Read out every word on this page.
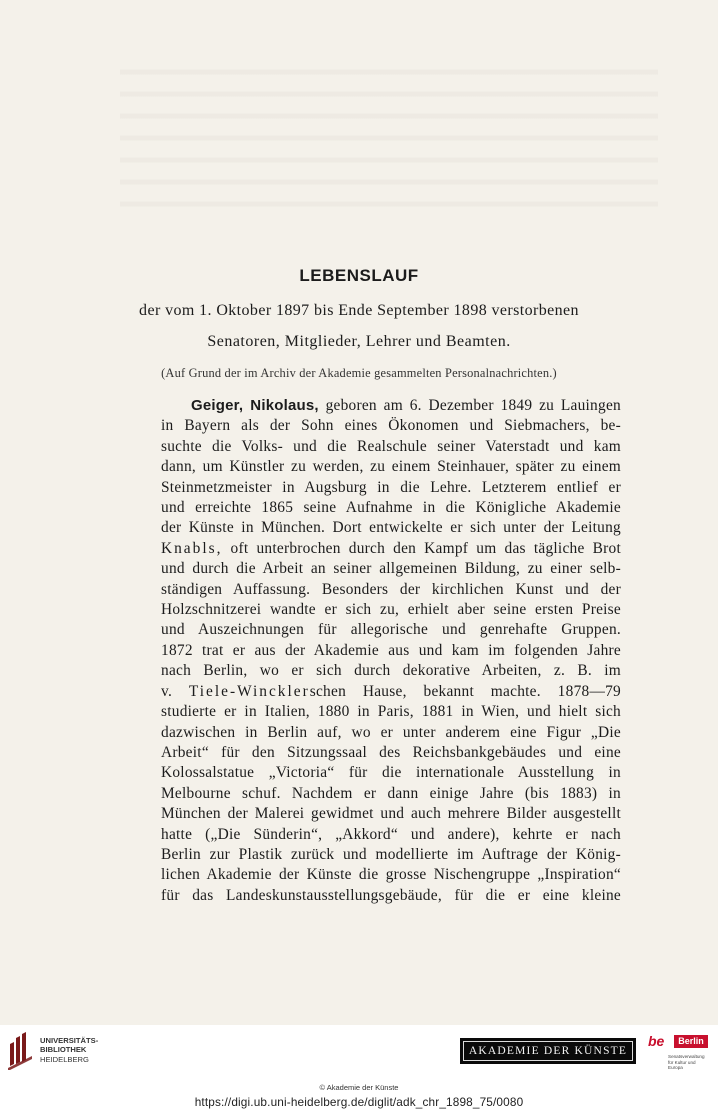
LEBENSLAUF

der vom 1. Oktober 1897 bis Ende September 1898 verstorbenen

Senatoren, Mitglieder, Lehrer und Beamten.

(Auf Grund der im Archiv der Akademie gesammelten Personalnachrichten.)

Geiger, Nikolaus, geboren am 6. Dezember 1849 zu Lauingen
in Bayern als der Sohn eines Ökonomen und Siebmachers, be-
suchte die Volks- und die Realschule seiner Vaterstadt und kam
dann, um Künstler zu werden, zu einem Steinhauer, später zu einem
Steinmetzmeister in Augsburg in die Lehre. Letzterem entlief er
und erreichte 1865 seine Aufnahme in die Königliche Akademie
der Künste in München. Dort entwickelte er sich unter der Leitung
Knabls, oft unterbrochen durch den Kampf um das tägliche Brot
und durch die Arbeit an seiner allgemeinen Bildung, zu einer selb-
ständigen Auffassung. Besonders der kirchlichen Kunst und der
Holzschnitzerei wandte er sich zu, erhielt aber seine ersten Preise
und Auszeichnungen für allegorische und genrehafte Gruppen.
1872 trat er aus der Akademie aus und kam im folgenden Jahre
nach Berlin, wo er sich durch dekorative Arbeiten, z. B. im
v. Tiele-Wincklerschen Hause, bekannt machte. 1878—79
studierte er in Italien, 1880 in Paris, 1881 in Wien, und hielt sich
dazwischen in Berlin auf, wo er unter anderem eine Figur „Die
Arbeit“ für den Sitzungssaal des Reichsbankgebäudes und eine
Kolossalstatue „Victoria“ für die internationale Ausstellung in
Melbourne schuf. Nachdem er dann einige Jahre (bis 1883) in
München der Malerei gewidmet und auch mehrere Bilder ausgestellt
hatte („Die Sünderin“, „Akkord“ und andere), kehrte er nach
Berlin zur Plastik zurück und modellierte im Auftrage der König-
lichen Akademie der Künste die grosse Nischengruppe „Inspiration“
für das Landeskunstausstellungsgebäude, für die er eine kleine
UNIVERSITÄTS-
BIBLIOTHEK
HEIDELBERG
AKADEMIE DER KÜNSTE
be	Berlin
Senatsverwaltung
für Kultur und Europa
© Akademie der Künste
https://digi.ub.uni-heidelberg.de/diglit/adk_chr_1898_75/0080
